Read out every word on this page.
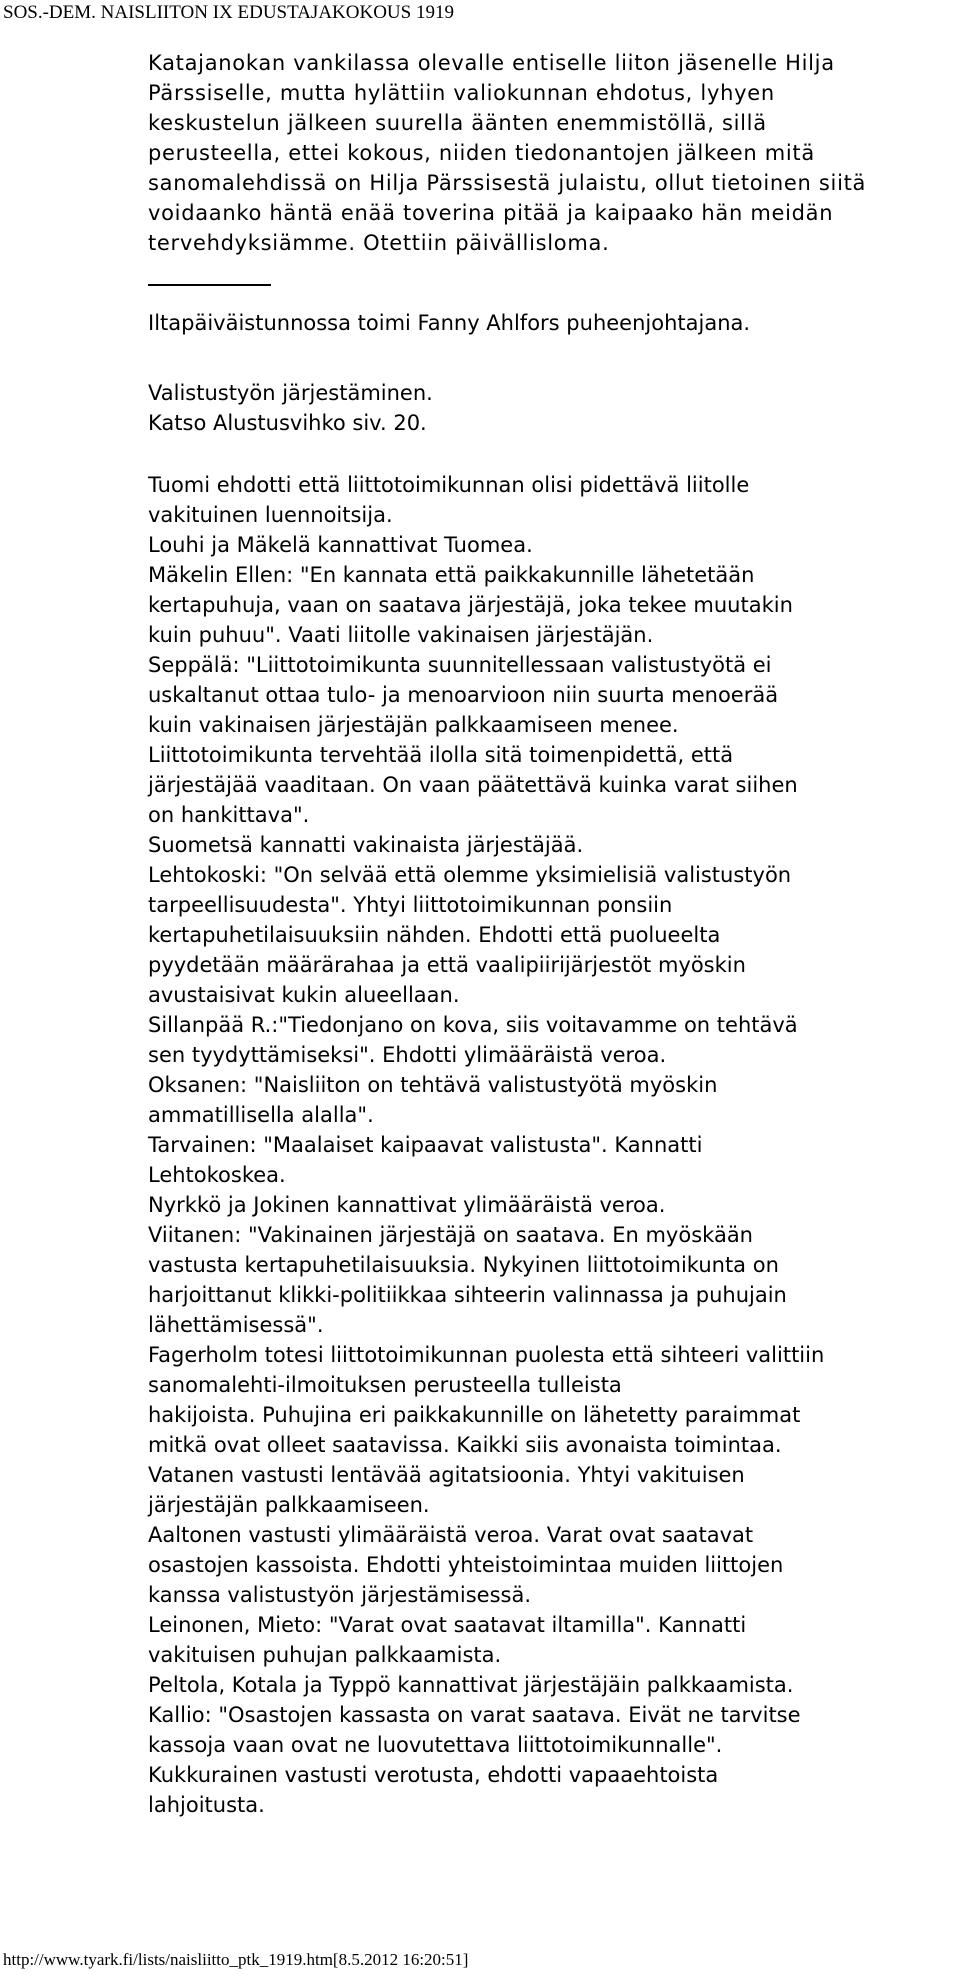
SOS.-DEM. NAISLIITON IX EDUSTAJAKOKOUS 1919
Katajanokan vankilassa olevalle entiselle liiton jäsenelle Hilja
Pärssiselle, mutta hylättiin valiokunnan ehdotus, lyhyen
keskustelun jälkeen suurella äänten enemmistöllä, sillä
perusteella, ettei kokous, niiden tiedonantojen jälkeen mitä
sanomalehdissä on Hilja Pärssisestä julaistu, ollut tietoinen siitä
voidaanko häntä enää toverina pitää ja kaipaako hän meidän
tervehdyksiämme. Otettiin päivällisloma.
Iltapäiväistunnossa toimi Fanny Ahlfors puheenjohtajana.
Valistustyön järjestäminen.
Katso Alustusvihko siv. 20.
Tuomi ehdotti että liittotoimikunnan olisi pidettävä liitolle
vakituinen luennoitsija.
Louhi ja Mäkelä kannattivat Tuomea.
Mäkelin Ellen: "En kannata että paikkakunnille lähetetään
kertapuhuja, vaan on saatava järjestäjä, joka tekee muutakin
kuin puhuu". Vaati liitolle vakinaisen järjestäjän.
Seppälä: "Liittotoimikunta suunnitellessaan valistustyötä ei
uskaltanut ottaa tulo- ja menoarvioon niin suurta menoerää
kuin vakinaisen järjestäjän palkkaamiseen menee.
Liittotoimikunta tervehtää ilolla sitä toimenpidettä, että
järjestäjää vaaditaan. On vaan päätettävä kuinka varat siihen
on hankittava".
Suometsä kannatti vakinaista järjestäjää.
Lehtokoski: "On selvää että olemme yksimielisiä valistustyön
tarpeellisuudesta". Yhtyi liittotoimikunnan ponsiin
kertapuhetilaisuuksiin nähden. Ehdotti että puolueelta
pyydetään määrärahaa ja että vaalipiirijärjestöt myöskin
avustaisivat kukin alueellaan.
Sillanpää R.:"Tiedonjano on kova, siis voitavamme on tehtävä
sen tyydyttämiseksi". Ehdotti ylimääräistä veroa.
Oksanen: "Naisliiton on tehtävä valistustyötä myöskin
ammatillisella alalla".
Tarvainen: "Maalaiset kaipaavat valistusta". Kannatti
Lehtokoskea.
Nyrkkö ja Jokinen kannattivat ylimääräistä veroa.
Viitanen: "Vakinainen järjestäjä on saatava. En myöskään
vastusta kertapuhetilaisuuksia. Nykyinen liittotoimikunta on
harjoittanut klikki-politiikkaa sihteerin valinnassa ja puhujain
lähettämisessä".
Fagerholm totesi liittotoimikunnan puolesta että sihteeri valittiin
sanomalehti-ilmoituksen perusteella tulleista
hakijoista. Puhujina eri paikkakunnille on lähetetty paraimmat
mitkä ovat olleet saatavissa. Kaikki siis avonaista toimintaa.
Vatanen vastusti lentävää agitatsioonia. Yhtyi vakituisen
järjestäjän palkkaamiseen.
Aaltonen vastusti ylimääräistä veroa. Varat ovat saatavat
osastojen kassoista. Ehdotti yhteistoimintaa muiden liittojen
kanssa valistustyön järjestämisessä.
Leinonen, Mieto: "Varat ovat saatavat iltamilla". Kannatti
vakituisen puhujan palkkaamista.
Peltola, Kotala ja Typpö kannattivat järjestäjäin palkkaamista.
Kallio: "Osastojen kassasta on varat saatava. Eivät ne tarvitse
kassoja vaan ovat ne luovutettava liittotoimikunnalle".
Kukkurainen vastusti verotusta, ehdotti vapaaehtoista
lahjoitusta.
http://www.tyark.fi/lists/naisliitto_ptk_1919.htm[8.5.2012 16:20:51]
